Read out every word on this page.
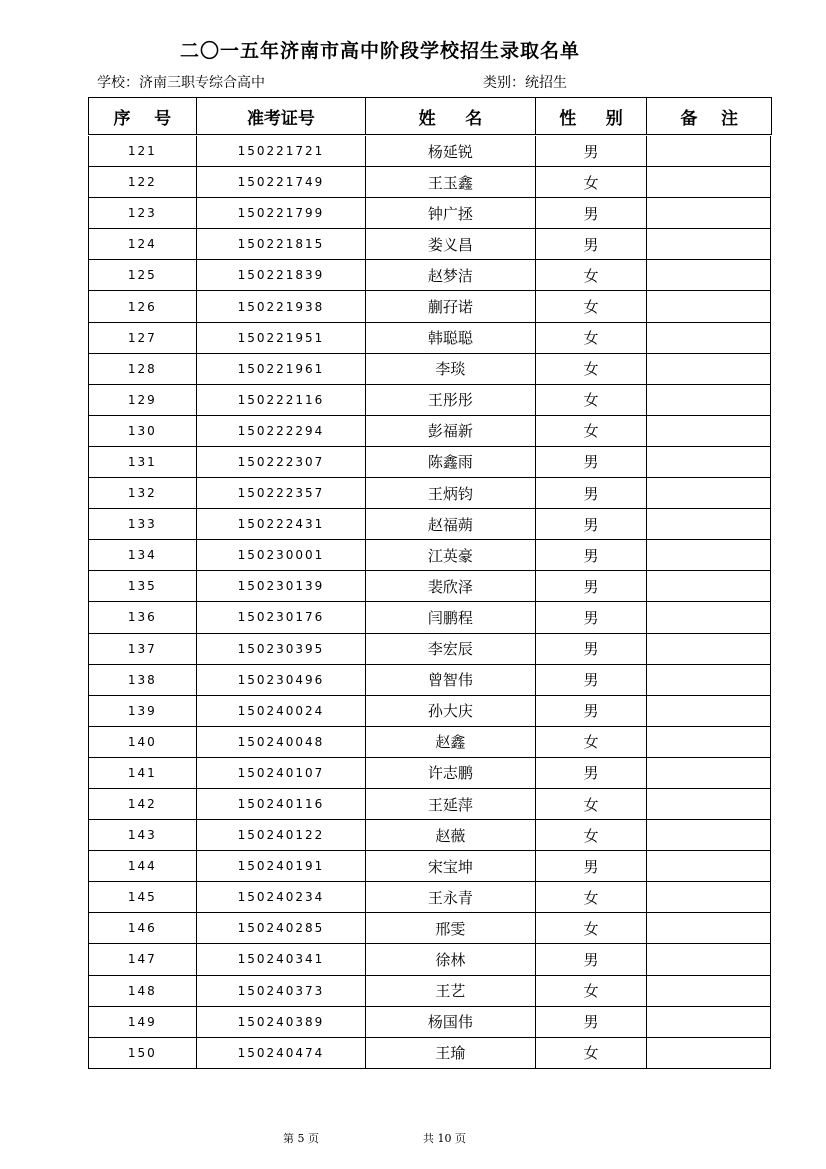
二〇一五年济南市高中阶段学校招生录取名单
学校：济南三职专综合高中	类别：统招生
序    号	准考证号	姓     名	性     别	备    注
121	150221721	杨延锐	男
122	150221749	王玉鑫	女
123	150221799	钟广拯	男
124	150221815	娄义昌	男
125	150221839	赵梦洁	女
126	150221938	蒯孖诺	女
127	150221951	韩聪聪	女
128	150221961	李琰	女
129	150222116	王彤彤	女
130	150222294	彭福新	女
131	150222307	陈鑫雨	男
132	150222357	王炳钧	男
133	150222431	赵福蒴	男
134	150230001	江英豪	男
135	150230139	裴欣泽	男
136	150230176	闫鹏程	男
137	150230395	李宏辰	男
138	150230496	曾智伟	男
139	150240024	孙大庆	男
140	150240048	赵鑫	女
141	150240107	许志鹏	男
142	150240116	王延萍	女
143	150240122	赵薇	女
144	150240191	宋宝坤	男
145	150240234	王永青	女
146	150240285	邢雯	女
147	150240341	徐林	男
148	150240373	王艺	女
149	150240389	杨国伟	男
150	150240474	王瑜	女
第 5 页	共 10 页
